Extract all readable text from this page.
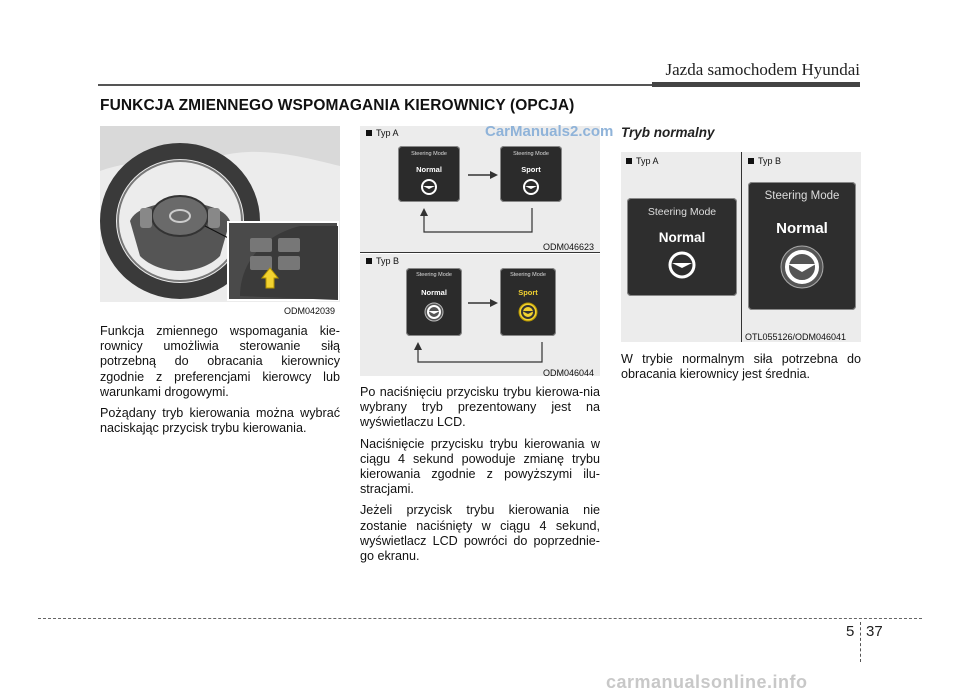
Jazda samochodem Hyundai
FUNKCJA ZMIENNEGO WSPOMAGANIA KIEROWNICY (OPCJA)
ODM042039

Funkcja zmiennego wspomagania kie-rownicy umożliwia sterowanie siłą potrzebną do obracania kierownicy zgodnie z preferencjami kierowcy lub warunkami drogowymi.

Pożądany tryb kierowania można wybrać naciskając przycisk trybu kierowania.

Typ A	CarManuals2.com
Steering Mode
Normal
Steering Mode
Sport
ODM046623
Typ B
Steering Mode
Normal
Steering Mode
Sport
ODM046044

Po naciśnięciu przycisku trybu kierowa-nia wybrany tryb prezentowany jest na wyświetlaczu LCD.

Naciśnięcie przycisku trybu kierowania w ciągu 4 sekund powoduje zmianę trybu kierowania zgodnie z powyższymi ilu-stracjami.

Jeżeli przycisk trybu kierowania nie zostanie naciśnięty w ciągu 4 sekund, wyświetlacz LCD powróci do poprzednie-go ekranu.

Tryb normalny
Typ A	Typ B
Steering Mode
Normal
Steering Mode
Normal
OTL055126/ODM046041

W trybie normalnym siła potrzebna do obracania kierownicy jest średnia.

5 37
carmanualsonline.info
